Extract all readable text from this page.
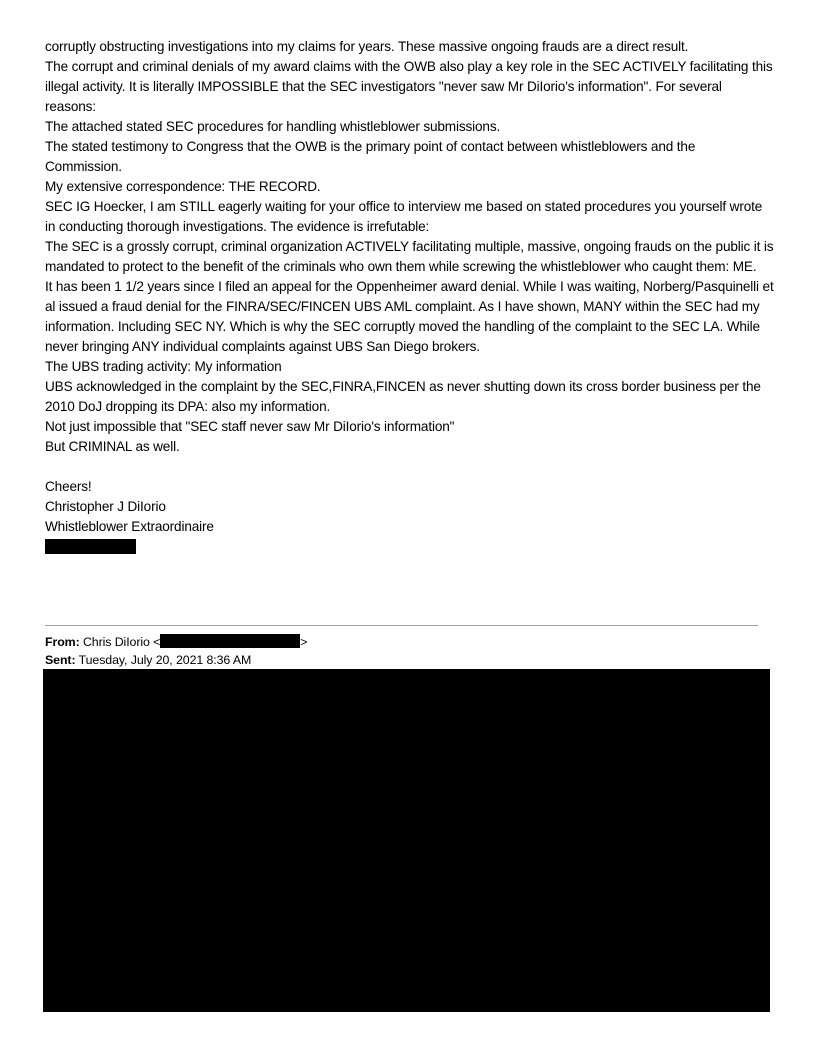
corruptly obstructing investigations into my claims for years. These massive ongoing frauds are a direct result.

The corrupt and criminal denials of my award claims with the OWB also play a key role in the SEC ACTIVELY facilitating this illegal activity. It is literally IMPOSSIBLE that the SEC investigators "never saw Mr DiIorio's information". For several reasons:

The attached stated SEC procedures for handling whistleblower submissions.

The stated testimony to Congress that the OWB is the primary point of contact between whistleblowers and the Commission.

My extensive correspondence: THE RECORD.

SEC IG Hoecker, I am STILL eagerly waiting for your office to interview me based on stated procedures you yourself wrote in conducting thorough investigations. The evidence is irrefutable:

The SEC is a grossly corrupt, criminal organization ACTIVELY facilitating multiple, massive, ongoing frauds on the public it is mandated to protect to the benefit of the criminals who own them while screwing the whistleblower who caught them: ME.

It has been 1 1/2 years since I filed an appeal for the Oppenheimer award denial. While I was waiting, Norberg/Pasquinelli et al issued a fraud denial for the FINRA/SEC/FINCEN UBS AML complaint. As I have shown, MANY within the SEC had my information. Including SEC NY. Which is why the SEC corruptly moved the handling of the complaint to the SEC LA. While never bringing ANY individual complaints against UBS San Diego brokers.

The UBS trading activity: My information

UBS acknowledged in the complaint by the SEC,FINRA,FINCEN as never shutting down its cross border business per the 2010 DoJ dropping its DPA: also my information.

Not just impossible that "SEC staff never saw Mr DiIorio's information"

But CRIMINAL as well.

Cheers!

Christopher J DiIorio

Whistleblower Extraordinaire

From: Chris DiIorio <	>
Sent: Tuesday, July 20, 2021 8:36 AM
